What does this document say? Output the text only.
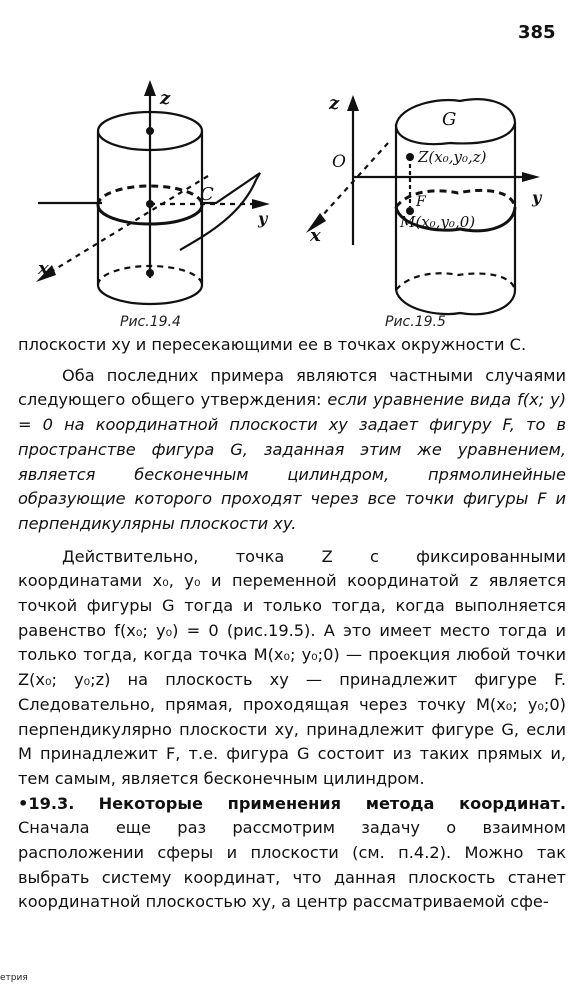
385
z
C
y
x
Рис.19.4
z
O
G
Z(x₀,y₀,z)
F
M(x₀,y₀,0)
y
x
Рис.19.5
плоскости xy и пересекающими ее в точках окружности C.
Оба последних примера являются частными случаями следующего общего утверждения: если уравнение вида f(x; y) = 0 на координатной плоскости xy задает фигуру F, то в пространстве фигура G, заданная этим же уравнением, является бесконечным цилиндром, прямолинейные образующие которого проходят через все точки фигуры F и перпендикулярны плоскости xy.
Действительно, точка Z с фиксированными координатами x₀, y₀ и переменной координатой z является точкой фигуры G тогда и только тогда, когда выполняется равенство f(x₀; y₀) = 0 (рис.19.5). А это имеет место тогда и только тогда, когда точка M(x₀; y₀;0) — проекция любой точки Z(x₀; y₀;z) на плоскость xy — принадлежит фигуре F. Следовательно, прямая, проходящая через точку M(x₀; y₀;0) перпендикулярно плоскости xy, принадлежит фигуре G, если M принадлежит F, т.е. фигура G состоит из таких прямых и, тем самым, является бесконечным цилиндром.
•19.3. Некоторые применения метода координат. Сначала еще раз рассмотрим задачу о взаимном расположении сферы и плоскости (см. п.4.2). Можно так выбрать систему координат, что данная плоскость станет координатной плоскостью xy, а центр рассматриваемой сфе-
етрия
